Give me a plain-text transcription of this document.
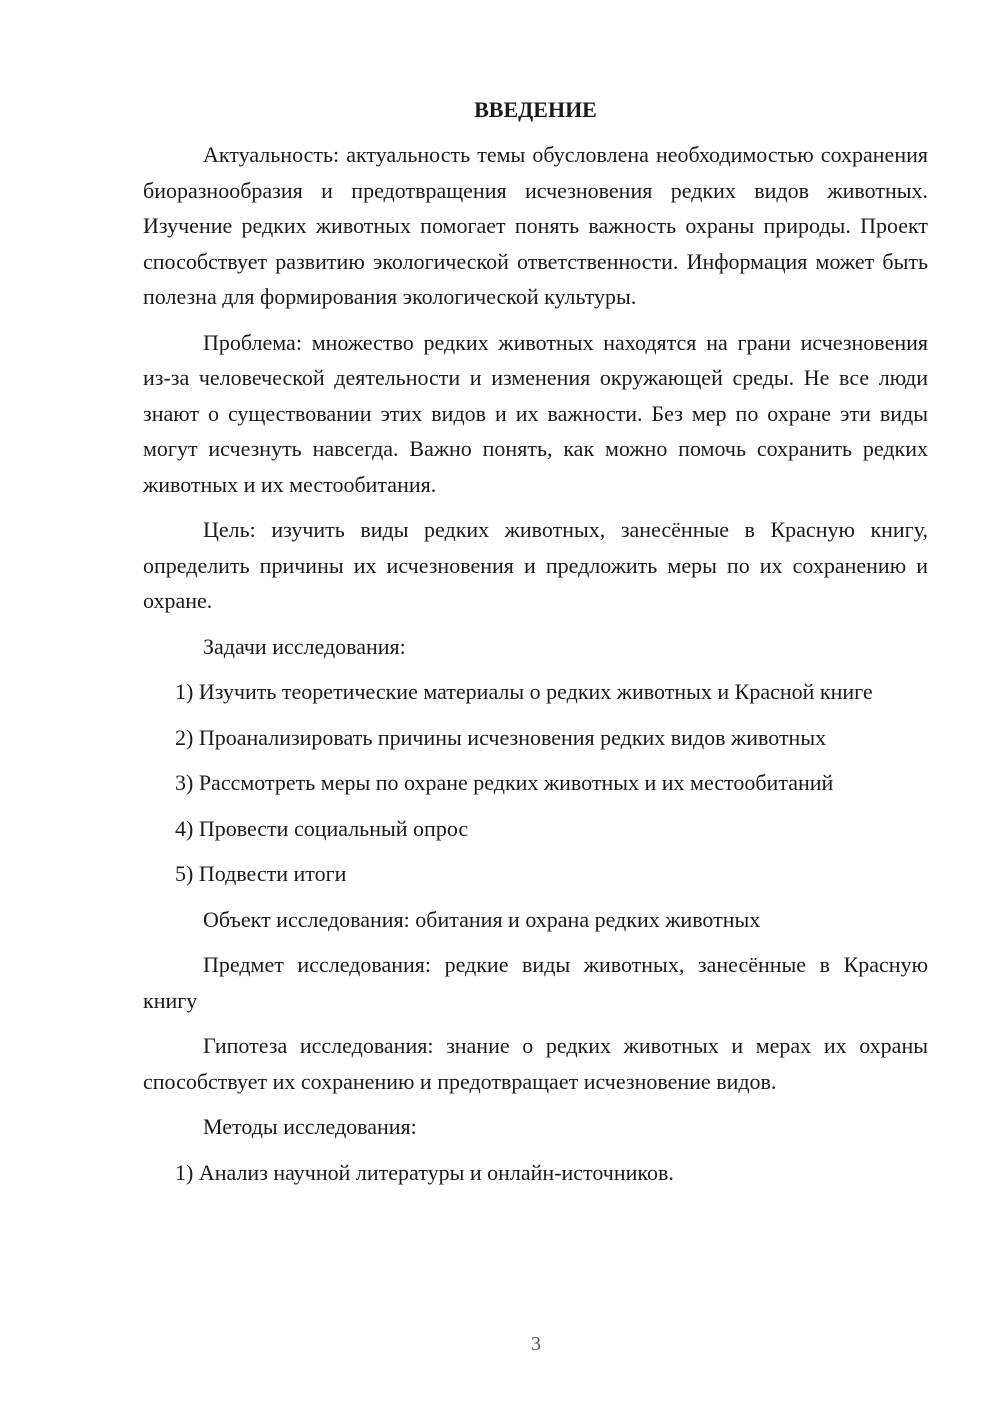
ВВЕДЕНИЕ

Актуальность: актуальность темы обусловлена необходимостью сохранения биоразнообразия и предотвращения исчезновения редких видов животных. Изучение редких животных помогает понять важность охраны природы. Проект способствует развитию экологической ответственности. Информация может быть полезна для формирования экологической культуры.

Проблема: множество редких животных находятся на грани исчезновения из-за человеческой деятельности и изменения окружающей среды. Не все люди знают о существовании этих видов и их важности. Без мер по охране эти виды могут исчезнуть навсегда. Важно понять, как можно помочь сохранить редких животных и их местообитания.

Цель: изучить виды редких животных, занесённые в Красную книгу, определить причины их исчезновения и предложить меры по их сохранению и охране.

Задачи исследования:

1) Изучить теоретические материалы о редких животных и Красной книге

2) Проанализировать причины исчезновения редких видов животных

3) Рассмотреть меры по охране редких животных и их местообитаний

4) Провести социальный опрос

5) Подвести итоги

Объект исследования: обитания и охрана редких животных

Предмет исследования: редкие виды животных, занесённые в Красную книгу

Гипотеза исследования: знание о редких животных и мерах их охраны способствует их сохранению и предотвращает исчезновение видов.

Методы исследования:

1) Анализ научной литературы и онлайн-источников.

3
